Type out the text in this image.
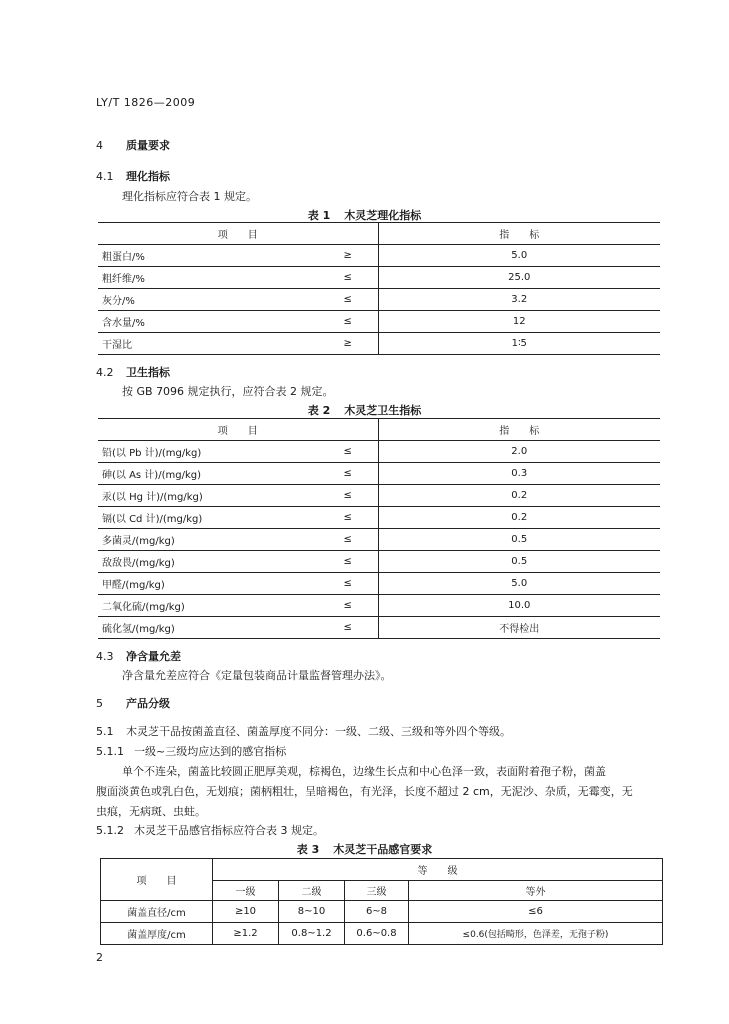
LY/T 1826—2009
4 质量要求
4.1 理化指标
理化指标应符合表 1 规定。
表 1 木灵芝理化指标
项　　目		指　　标
粗蛋白/%	≥	5.0
粗纤维/%	≤	25.0
灰分/%	≤	3.2
含水量/%	≤	12
干湿比	≥	1∶5
4.2 卫生指标
按 GB 7096 规定执行，应符合表 2 规定。
表 2 木灵芝卫生指标
项　　目		指　　标
铅(以 Pb 计)/(mg/kg)	≤	2.0
砷(以 As 计)/(mg/kg)	≤	0.3
汞(以 Hg 计)/(mg/kg)	≤	0.2
镉(以 Cd 计)/(mg/kg)	≤	0.2
多菌灵/(mg/kg)	≤	0.5
敌敌畏/(mg/kg)	≤	0.5
甲醛/(mg/kg)	≤	5.0
二氧化硫/(mg/kg)	≤	10.0
硫化氢/(mg/kg)	≤	不得检出
4.3 净含量允差
净含量允差应符合《定量包装商品计量监督管理办法》。
5 产品分级
5.1 木灵芝干品按菌盖直径、菌盖厚度不同分：一级、二级、三级和等外四个等级。
5.1.1 一级~三级均应达到的感官指标
单个不连朵，菌盖比较圆正肥厚美观，棕褐色，边缘生长点和中心色泽一致，表面附着孢子粉，菌盖
腹面淡黄色或乳白色，无划痕；菌柄粗壮，呈暗褐色，有光泽，长度不超过 2 cm，无泥沙、杂质，无霉变，无
虫痕，无病斑、虫蛀。
5.1.2 木灵芝干品感官指标应符合表 3 规定。
表 3 木灵芝干品感官要求
项　　目	等　　级			
	一级	二级	三级	等外
菌盖直径/cm	≥10	8~10	6~8	≤6
菌盖厚度/cm	≥1.2	0.8~1.2	0.6~0.8	≤0.6(包括畸形，色泽差，无孢子粉)
2
